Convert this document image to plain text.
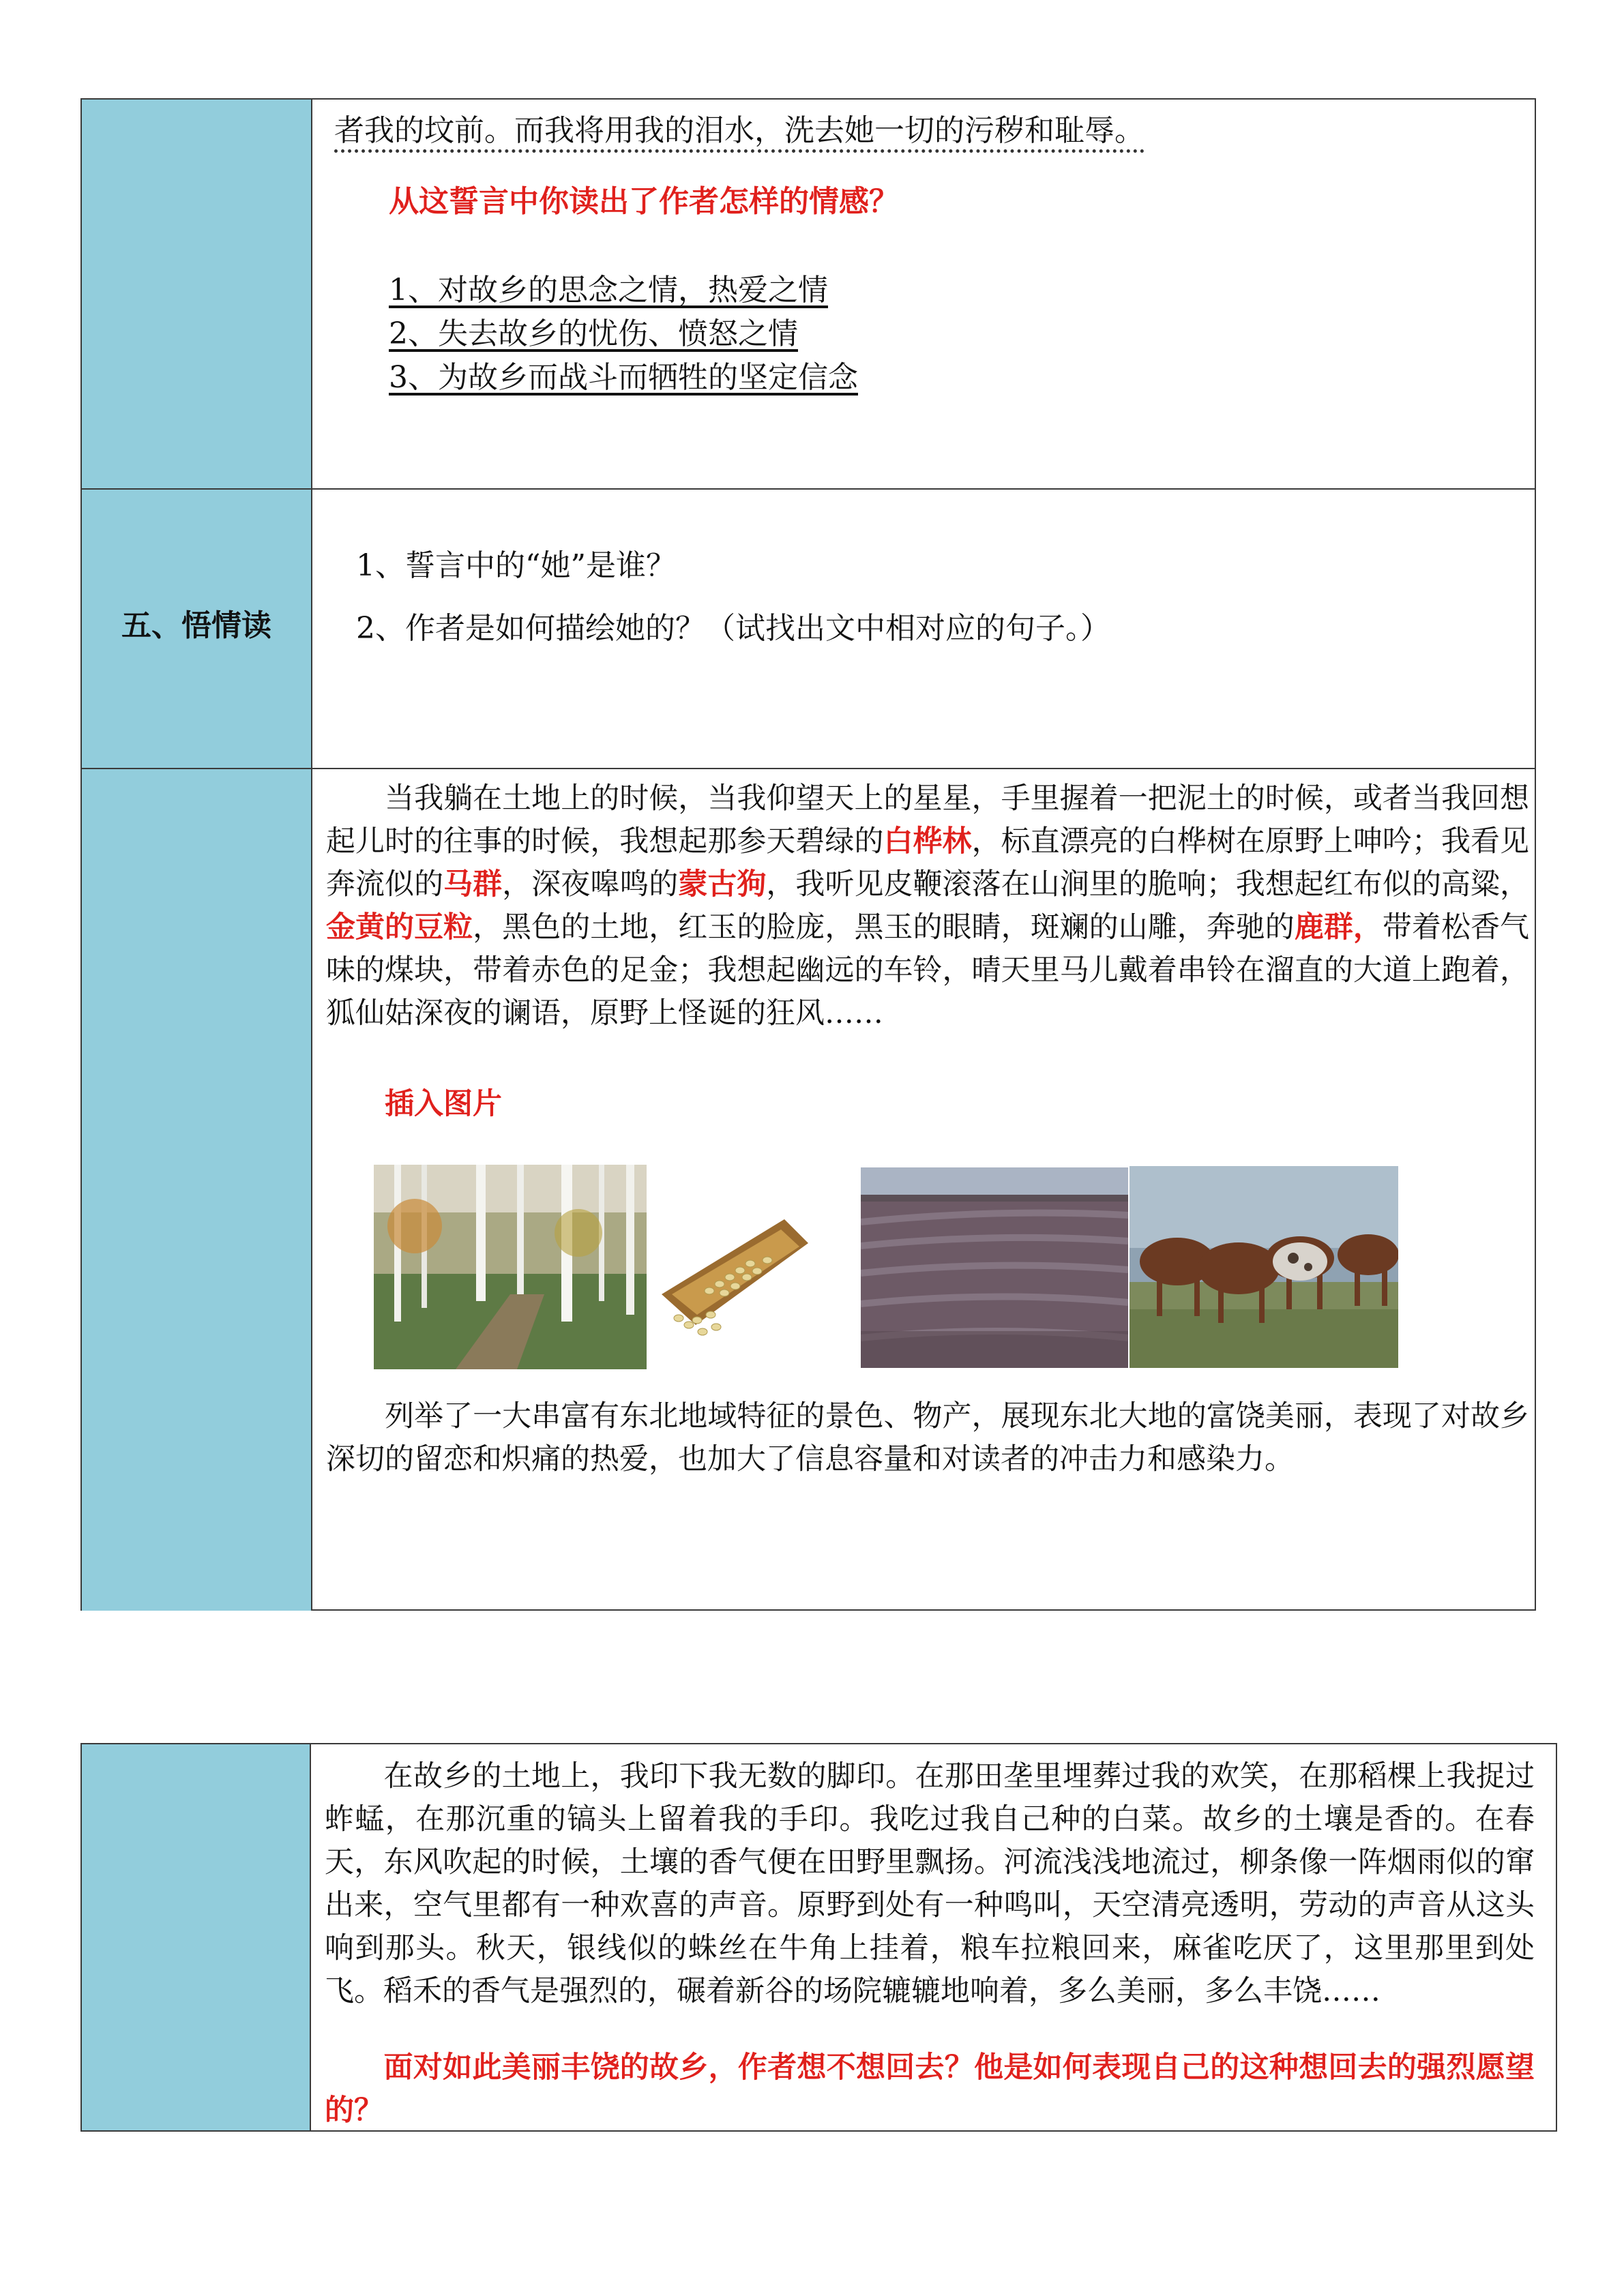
者我的坟前。而我将用我的泪水，洗去她一切的污秽和耻辱。
从这誓言中你读出了作者怎样的情感？
1、对故乡的思念之情，热爱之情
2、失去故乡的忧伤、愤怒之情
3、为故乡而战斗而牺牲的坚定信念
五、悟情读
1、誓言中的“她”是谁？
2、作者是如何描绘她的？（试找出文中相对应的句子。）
　　当我躺在土地上的时候，当我仰望天上的星星，手里握着一把泥土的时候，或者当我回想起儿时的往事的时候，我想起那参天碧绿的白桦林，标直漂亮的白桦树在原野上呻吟；我看见奔流似的马群，深夜嗥鸣的蒙古狗，我听见皮鞭滚落在山涧里的脆响；我想起红布似的高粱，金黄的豆粒，黑色的土地，红玉的脸庞，黑玉的眼睛，斑斓的山雕，奔驰的鹿群，带着松香气味的煤块，带着赤色的足金；我想起幽远的车铃，晴天里马儿戴着串铃在溜直的大道上跑着，狐仙姑深夜的谰语，原野上怪诞的狂风……
插入图片
　　列举了一大串富有东北地域特征的景色、物产，展现东北大地的富饶美丽，表现了对故乡深切的留恋和炽痛的热爱，也加大了信息容量和对读者的冲击力和感染力。
　　在故乡的土地上，我印下我无数的脚印。在那田垄里埋葬过我的欢笑，在那稻棵上我捉过蚱蜢，在那沉重的镐头上留着我的手印。我吃过我自己种的白菜。故乡的土壤是香的。在春天，东风吹起的时候，土壤的香气便在田野里飘扬。河流浅浅地流过，柳条像一阵烟雨似的窜出来，空气里都有一种欢喜的声音。原野到处有一种鸣叫，天空清亮透明，劳动的声音从这头响到那头。秋天，银线似的蛛丝在牛角上挂着，粮车拉粮回来，麻雀吃厌了，这里那里到处飞。稻禾的香气是强烈的，碾着新谷的场院辘辘地响着，多么美丽，多么丰饶……
　　面对如此美丽丰饶的故乡，作者想不想回去？他是如何表现自己的这种想回去的强烈愿望的？
